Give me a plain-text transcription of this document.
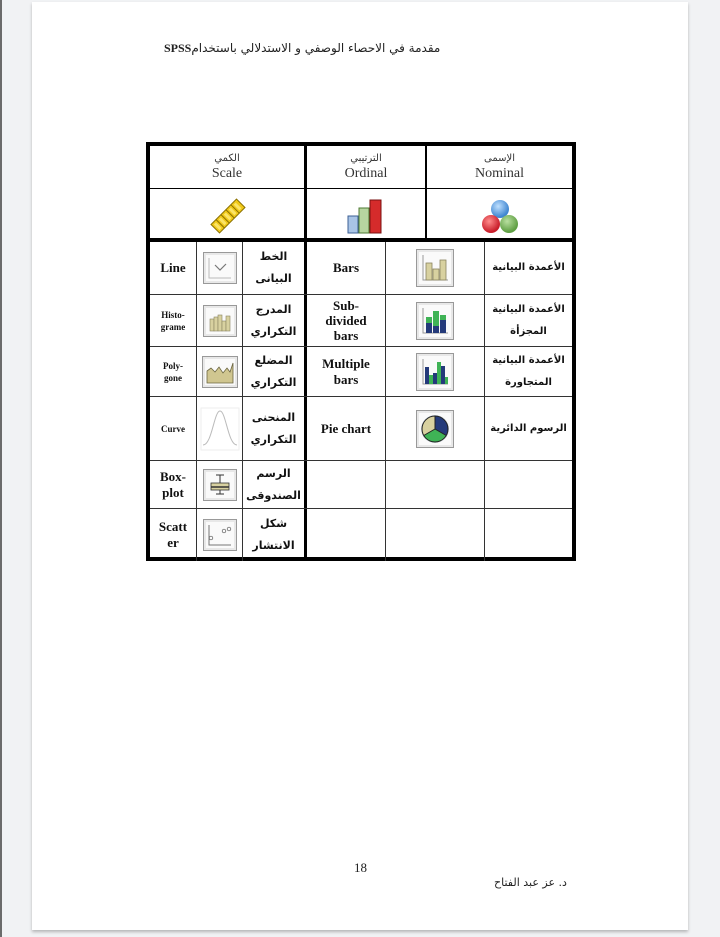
مقدمة في الاحصاء الوصفي و الاستدلالي باستخدامSPSS
الكمي
Scale
الترتيبي
Ordinal
الإسمى
Nominal
Line
الخط
البيانى
Histo-
grame
المدرج
التكراري
Poly-
gone
المضلع
التكراري
Curve
المنحنى
التكراري
Box-
plot
الرسم
الصندوقى
Scatt
er
شكل
الانتشار
Bars	الأعمدة البيانية
Sub-
divided
bars
الأعمدة البيانية
المجزأة
Multiple
bars
الأعمدة البيانية
المتجاورة
Pie chart	الرسوم الدائرية
18
د. عز عبد الفتاح
